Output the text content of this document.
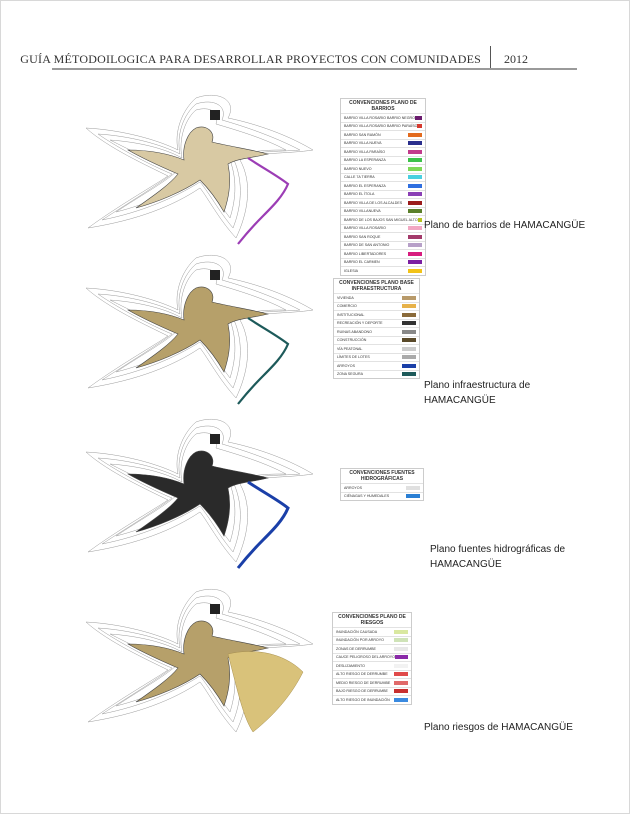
GUÍA MÉTODOILOGICA PARA DESARROLLAR PROYECTOS CON COMUNIDADES 2012
CONVENCIONES PLANO DE BARRIOS
BARRIO VILLA ROSARIO BARRIO NEGRO
BARRIO VILLA ROSARIO BARRIO PARAÍSO
BARRIO SAN RAMÓN
BARRIO VILLA NUEVA
BARRIO VILLA PARAÍSO
BARRIO LA ESPERANZA
BARRIO NUEVO
CALLE 7A TIERRA
BARRIO EL ESPERANZA
BARRIO EL ÍTOLA
BARRIO VILLA DE LOS ALCALDES
BARRIO VILLANUEVA
BARRIO DE LOS BAJOS SAN MIGUEL ALTO
BARRIO VILLA ROSARIO
BARRIO SAN ROQUE
BARRIO DE SAN ANTONIO
BARRIO LIBERTADORES
BARRIO EL CARMEN
IGLESIA
Plano de barrios de HAMACANGÜE
CONVENCIONES PLANO BASE INFRAESTRUCTURA
VIVIENDA
COMERCIO
INSTITUCIONAL
RECREACIÓN Y DEPORTE
RUINAS ABANDONO
CONSTRUCCIÓN
VÍA PEATONAL
LÍMITES DE LOTES
ARROYOS
ZONA SEGURA
Plano infraestructura de HAMACANGÜE
CONVENCIONES FUENTES HIDROGRÁFICAS
ARROYOS
CIÉNAGAS Y HUMEDALES
Plano fuentes hidrográficas de HAMACANGÜE
CONVENCIONES PLANO DE RIESGOS
INUNDACIÓN CAUSADA
INUNDACIÓN POR ARROYO
ZONAS DE DERRUMBE
CAUCE PELIGROSO DEL ARROYO
DESLIZAMIENTO
ALTO RIESGO DE DERRUMBE
MEDIO RIESGO DE DERRUMBE
BAJO RIESGO DE DERRUMBE
ALTO RIESGO DE INUNDACIÓN
Plano riesgos de HAMACANGÜE
